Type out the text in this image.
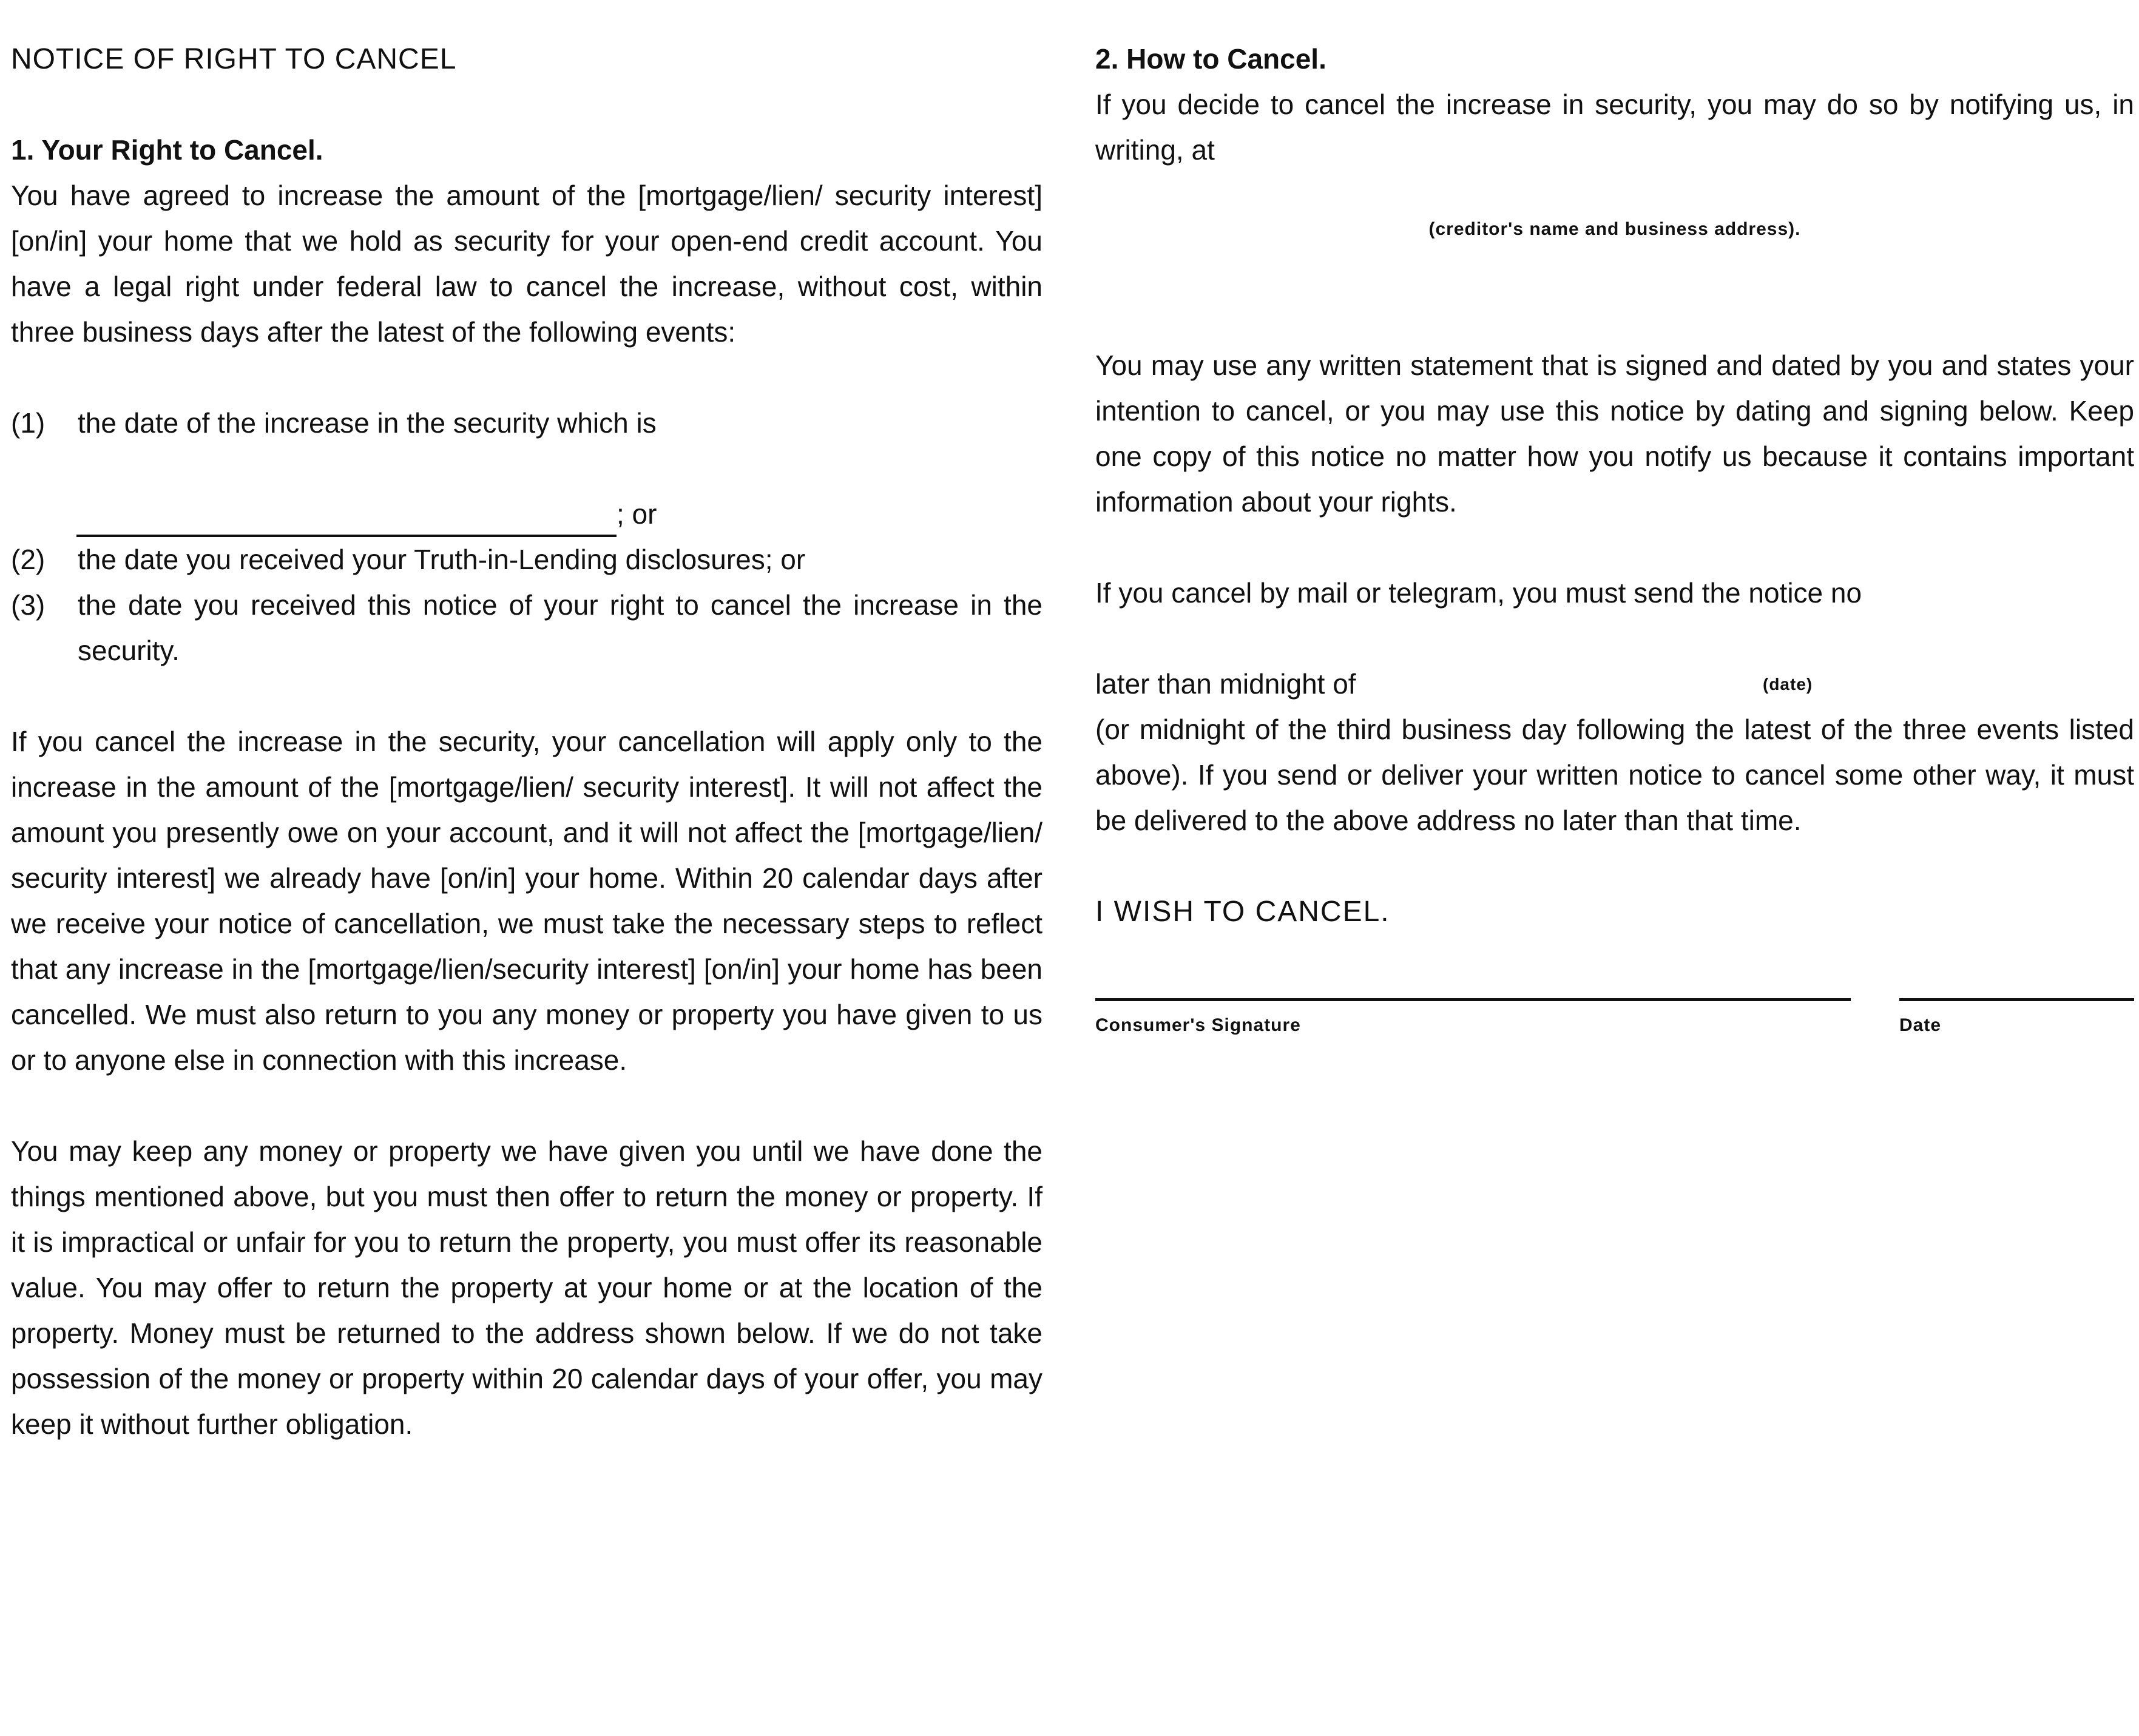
NOTICE OF RIGHT TO CANCEL

1. Your Right to Cancel.

You have agreed to increase the amount of the [mortgage/lien/ security interest] [on/in] your home that we hold as security for your open-end credit account. You have a legal right under federal law to cancel the increase, without cost, within three business days after the latest of the following events:

(1)	the date of the increase in the security which is
; or
(2)	the date you received your Truth-in-Lending disclosures; or
(3)	the date you received this notice of your right to cancel the increase in the security.

If you cancel the increase in the security, your cancellation will apply only to the increase in the amount of the [mortgage/lien/ security interest]. It will not affect the amount you presently owe on your account, and it will not affect the [mortgage/lien/ security interest] we already have [on/in] your home. Within 20 calendar days after we receive your notice of cancellation, we must take the necessary steps to reflect that any increase in the [mortgage/lien/security interest] [on/in] your home has been cancelled. We must also return to you any money or property you have given to us or to anyone else in connection with this increase.

You may keep any money or property we have given you until we have done the things mentioned above, but you must then offer to return the money or property. If it is impractical or unfair for you to return the property, you must offer its reasonable value. You may offer to return the property at your home or at the location of the property. Money must be returned to the address shown below. If we do not take possession of the money or property within 20 calendar days of your offer, you may keep it without further obligation.

2. How to Cancel.

If you decide to cancel the increase in security, you may do so by notifying us, in writing, at

(creditor's name and business address).

You may use any written statement that is signed and dated by you and states your intention to cancel, or you may use this notice by dating and signing below. Keep one copy of this notice no matter how you notify us because it contains important information about your rights.

If you cancel by mail or telegram, you must send the notice no

later than midnight of	(date)

(or midnight of the third business day following the latest of the three events listed above). If you send or deliver your written notice to cancel some other way, it must be delivered to the above address no later than that time.

I WISH TO CANCEL.

Consumer's Signature	Date
